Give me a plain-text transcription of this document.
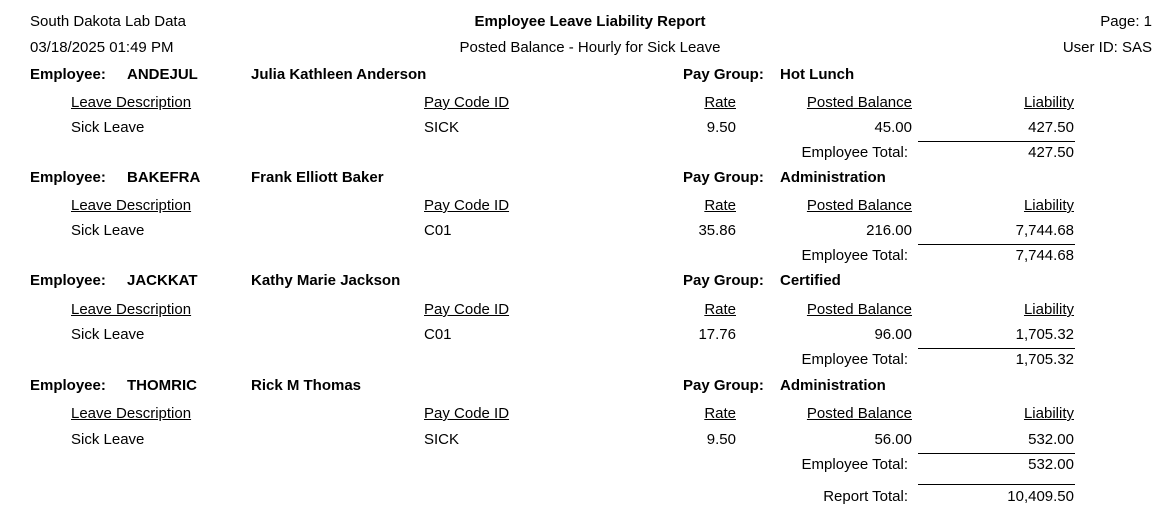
South Dakota Lab Data
03/18/2025 01:49 PM
Employee Leave Liability Report
Posted Balance - Hourly for Sick Leave
Page: 1
User ID: SAS
Employee: ANDEJUL	Julia Kathleen Anderson	Pay Group: Hot Lunch
Leave Description	Pay Code ID	Rate	Posted Balance	Liability
Sick Leave	SICK	9.50	45.00	427.50
Employee Total:	427.50
Employee: BAKEFRA	Frank Elliott Baker	Pay Group: Administration
Leave Description	Pay Code ID	Rate	Posted Balance	Liability
Sick Leave	C01	35.86	216.00	7,744.68
Employee Total:	7,744.68
Employee: JACKKAT	Kathy Marie Jackson	Pay Group: Certified
Leave Description	Pay Code ID	Rate	Posted Balance	Liability
Sick Leave	C01	17.76	96.00	1,705.32
Employee Total:	1,705.32
Employee: THOMRIC	Rick M Thomas	Pay Group: Administration
Leave Description	Pay Code ID	Rate	Posted Balance	Liability
Sick Leave	SICK	9.50	56.00	532.00
Employee Total:	532.00
Report Total:	10,409.50
